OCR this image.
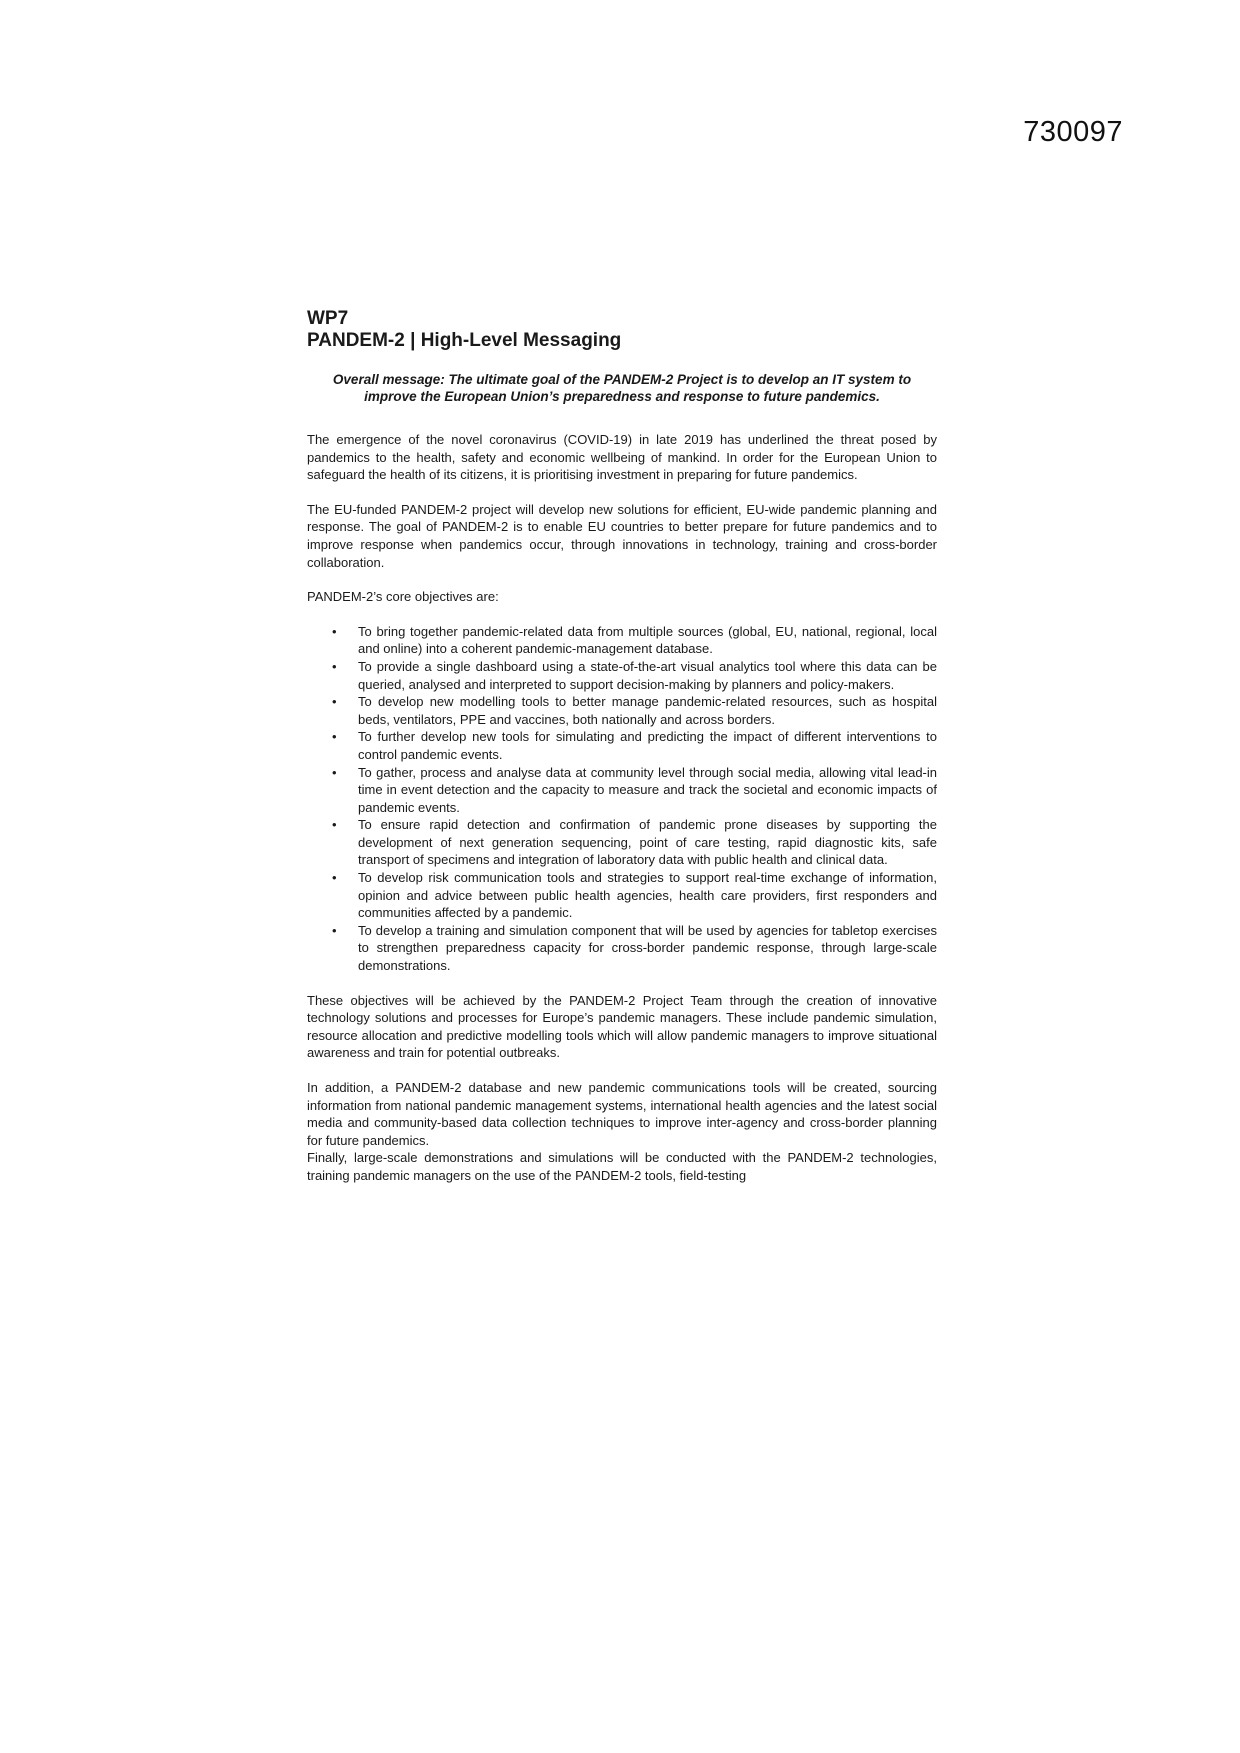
730097
WP7
PANDEM-2 | High-Level Messaging

Overall message: The ultimate goal of the PANDEM-2 Project is to develop an IT system to improve the European Union’s preparedness and response to future pandemics.

The emergence of the novel coronavirus (COVID-19) in late 2019 has underlined the threat posed by pandemics to the health, safety and economic wellbeing of mankind. In order for the European Union to safeguard the health of its citizens, it is prioritising investment in preparing for future pandemics.

The EU-funded PANDEM-2 project will develop new solutions for efficient, EU-wide pandemic planning and response. The goal of PANDEM-2 is to enable EU countries to better prepare for future pandemics and to improve response when pandemics occur, through innovations in technology, training and cross-border collaboration.

PANDEM-2’s core objectives are:

• To bring together pandemic-related data from multiple sources (global, EU, national, regional, local and online) into a coherent pandemic-management database.
• To provide a single dashboard using a state-of-the-art visual analytics tool where this data can be queried, analysed and interpreted to support decision-making by planners and policy-makers.
• To develop new modelling tools to better manage pandemic-related resources, such as hospital beds, ventilators, PPE and vaccines, both nationally and across borders.
• To further develop new tools for simulating and predicting the impact of different interventions to control pandemic events.
• To gather, process and analyse data at community level through social media, allowing vital lead-in time in event detection and the capacity to measure and track the societal and economic impacts of pandemic events.
• To ensure rapid detection and confirmation of pandemic prone diseases by supporting the development of next generation sequencing, point of care testing, rapid diagnostic kits, safe transport of specimens and integration of laboratory data with public health and clinical data.
• To develop risk communication tools and strategies to support real-time exchange of information, opinion and advice between public health agencies, health care providers, first responders and communities affected by a pandemic.
• To develop a training and simulation component that will be used by agencies for tabletop exercises to strengthen preparedness capacity for cross-border pandemic response, through large-scale demonstrations.

These objectives will be achieved by the PANDEM-2 Project Team through the creation of innovative technology solutions and processes for Europe’s pandemic managers. These include pandemic simulation, resource allocation and predictive modelling tools which will allow pandemic managers to improve situational awareness and train for potential outbreaks.

In addition, a PANDEM-2 database and new pandemic communications tools will be created, sourcing information from national pandemic management systems, international health agencies and the latest social media and community-based data collection techniques to improve inter-agency and cross-border planning for future pandemics.

Finally, large-scale demonstrations and simulations will be conducted with the PANDEM-2 technologies, training pandemic managers on the use of the PANDEM-2 tools, field-testing
